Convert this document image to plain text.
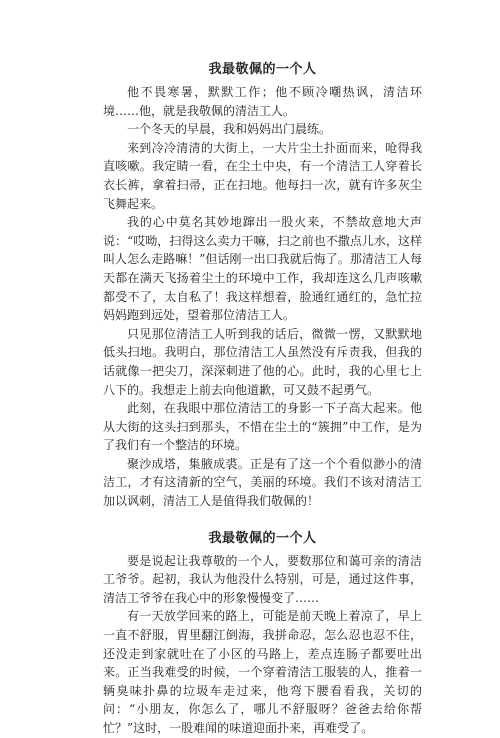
我最敬佩的一个人

他不畏寒暑，默默工作；他不顾冷嘲热讽，清洁环境……他，就是我敬佩的清洁工人。

一个冬天的早晨，我和妈妈出门晨练。

来到冷冷清清的大街上，一大片尘土扑面而来，呛得我直咳嗽。我定睛一看，在尘土中央，有一个清洁工人穿着长衣长裤，拿着扫帚，正在扫地。他每扫一次，就有许多灰尘飞舞起来。

我的心中莫名其妙地蹿出一股火来，不禁故意地大声说：“哎呦，扫得这么卖力干嘛，扫之前也不撒点儿水，这样叫人怎么走路嘛！”但话刚一出口我就后悔了。那清洁工人每天都在满天飞扬着尘土的环境中工作，我却连这么几声咳嗽都受不了，太自私了！我这样想着，脸通红通红的，急忙拉妈妈跑到远处，望着那位清洁工人。

只见那位清洁工人听到我的话后，微微一愣，又默默地低头扫地。我明白，那位清洁工人虽然没有斥责我，但我的话就像一把尖刀，深深刺进了他的心。此时，我的心里七上八下的。我想走上前去向他道歉，可又鼓不起勇气。

此刻，在我眼中那位清洁工的身影一下子高大起来。他从大街的这头扫到那头，不惜在尘土的“簇拥”中工作，是为了我们有一个整洁的环境。

聚沙成塔，集腋成裘。正是有了这一个个看似渺小的清洁工，才有这清新的空气，美丽的环境。我们不该对清洁工加以讽刺，清洁工人是值得我们敬佩的！

我最敬佩的一个人

要是说起让我尊敬的一个人，要数那位和蔼可亲的清洁工爷爷。起初，我认为他没什么特别，可是，通过这件事，清洁工爷爷在我心中的形象慢慢变了……

有一天放学回来的路上，可能是前天晚上着凉了，早上一直不舒服，胃里翻江倒海，我拼命忍，怎么忍也忍不住，还没走到家就吐在了小区的马路上，差点连肠子都要吐出来。正当我难受的时候，一个穿着清洁工服装的人，推着一辆臭味扑鼻的垃圾车走过来，他弯下腰看看我，关切的问：“小朋友，你怎么了，哪儿不舒服呀？爸爸去给你帮忙？”这时，一股难闻的味道迎面扑来，再难受了。
